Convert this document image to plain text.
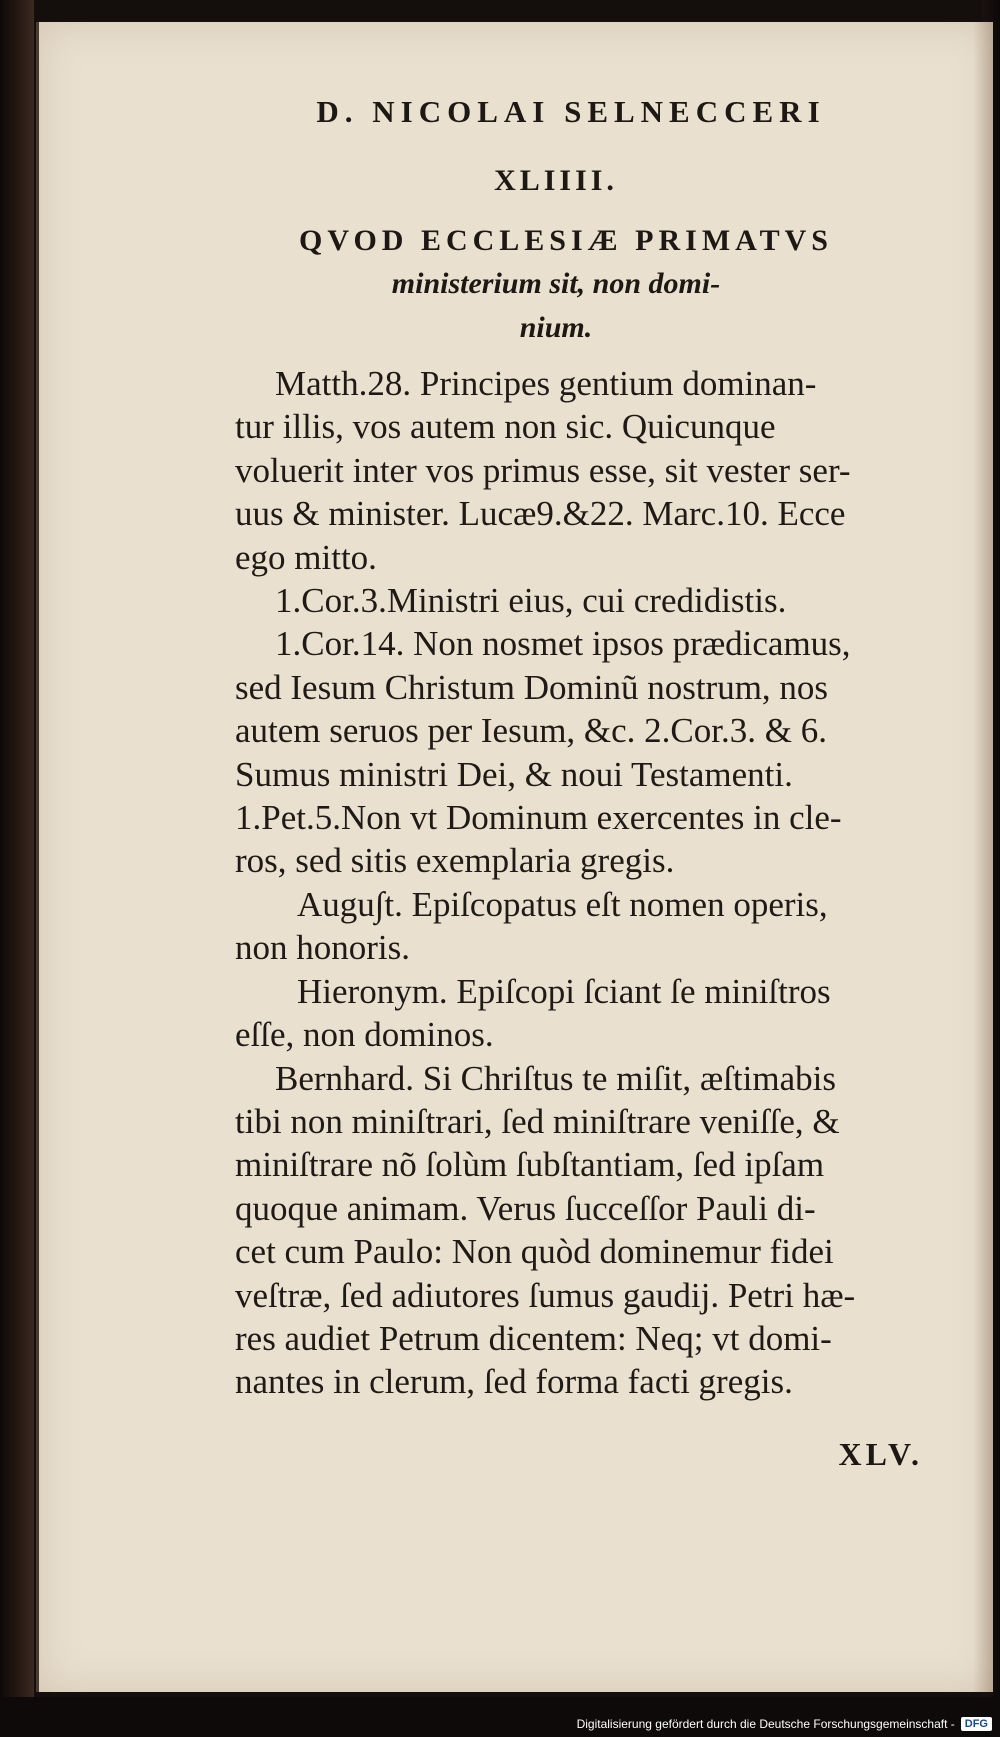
D. NICOLAI SELNECCERI
XLIIII.
QVOD ECCLESIÆ PRIMATVS
ministerium sit, non domi-
nium.
Matth.28. Principes gentium dominan-
tur illis, vos autem non sic. Quicunque
voluerit inter vos primus esse, sit vester ser-
uus & minister. Lucæ9.&22. Marc.10. Ecce
ego mitto.
1.Cor.3.Ministri eius, cui credidistis.
1.Cor.14. Non nosmet ipsos prædicamus,
sed Iesum Christum Dominũ nostrum, nos
autem seruos per Iesum, &c. 2.Cor.3. & 6.
Sumus ministri Dei, & noui Testamenti.
1.Pet.5.Non vt Dominum exercentes in cle-
ros, sed sitis exemplaria gregis.
Augu∫t. Epiſcopatus eſt nomen operis,
non honoris.
Hieronym. Epiſcopi ſciant ſe miniſtros
eſſe, non dominos.
Bernhard. Si Chriſtus te miſit, æſtimabis
tibi non miniſtrari, ſed miniſtrare veniſſe, &
miniſtrare nõ ſolùm ſubſtantiam, ſed ipſam
quoque animam. Verus ſucceſſor Pauli di-
cet cum Paulo: Non quòd dominemur fidei
veſtræ, ſed adiutores ſumus gaudij. Petri hæ-
res audiet Petrum dicentem: Neq; vt domi-
nantes in clerum, ſed forma facti gregis.
XLV.
Digitalisierung gefördert durch die Deutsche Forschungsgemeinschaft - DFG
